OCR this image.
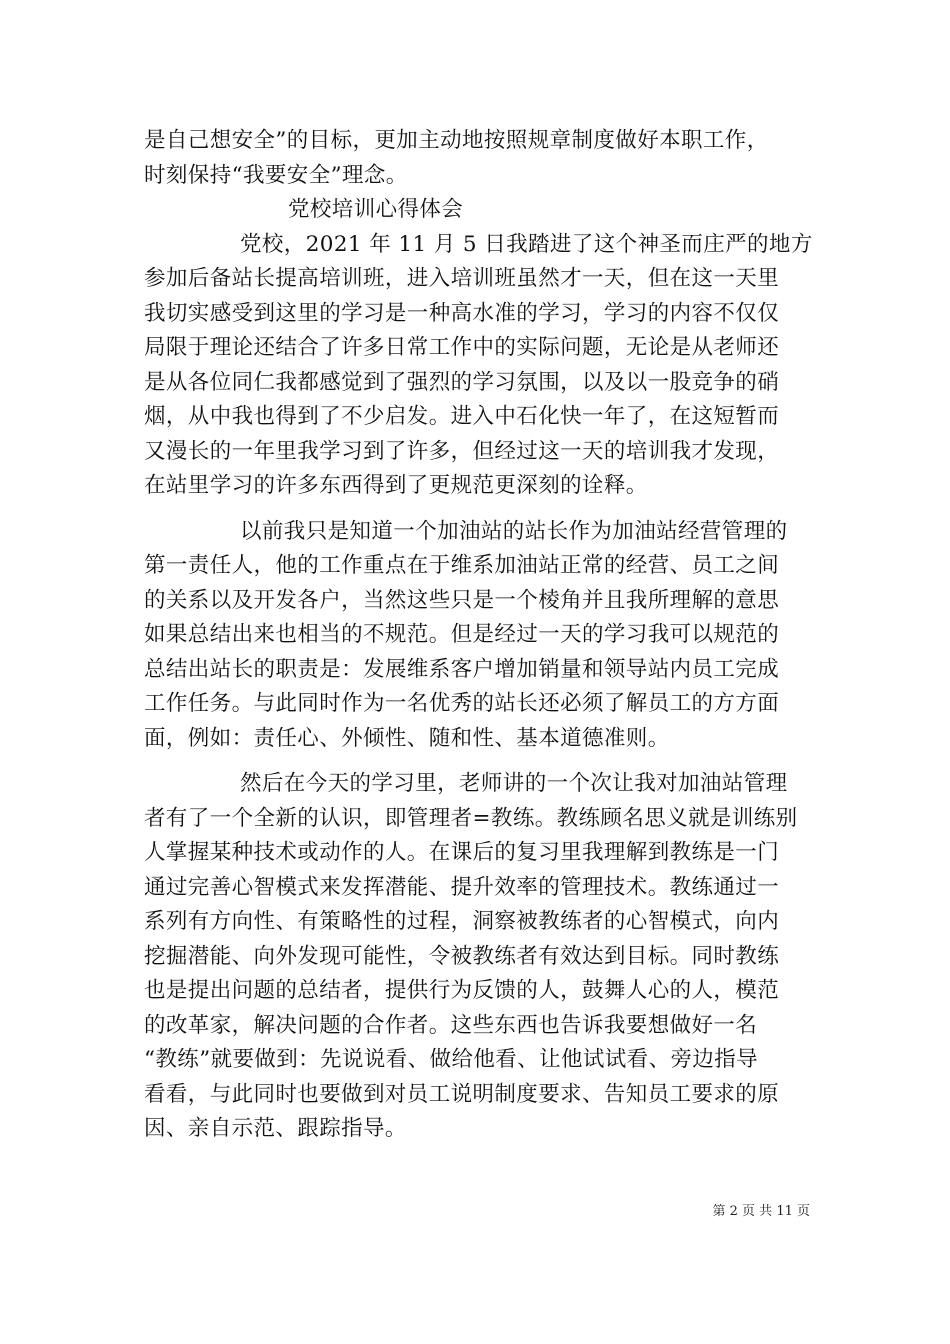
是自己想安全”的目标，更加主动地按照规章制度做好本职工作，
时刻保持“我要安全”理念。
党校培训心得体会
党校，2021 年 11 月 5 日我踏进了这个神圣而庄严的地方
参加后备站长提高培训班，进入培训班虽然才一天，但在这一天里
我切实感受到这里的学习是一种高水准的学习，学习的内容不仅仅
局限于理论还结合了许多日常工作中的实际问题，无论是从老师还
是从各位同仁我都感觉到了强烈的学习氛围，以及以一股竞争的硝
烟，从中我也得到了不少启发。进入中石化快一年了，在这短暂而
又漫长的一年里我学习到了许多，但经过这一天的培训我才发现，
在站里学习的许多东西得到了更规范更深刻的诠释。
以前我只是知道一个加油站的站长作为加油站经营管理的
第一责任人，他的工作重点在于维系加油站正常的经营、员工之间
的关系以及开发各户，当然这些只是一个棱角并且我所理解的意思
如果总结出来也相当的不规范。但是经过一天的学习我可以规范的
总结出站长的职责是：发展维系客户增加销量和领导站内员工完成
工作任务。与此同时作为一名优秀的站长还必须了解员工的方方面
面，例如：责任心、外倾性、随和性、基本道德准则。
然后在今天的学习里，老师讲的一个次让我对加油站管理
者有了一个全新的认识，即管理者=教练。教练顾名思义就是训练别
人掌握某种技术或动作的人。在课后的复习里我理解到教练是一门
通过完善心智模式来发挥潜能、提升效率的管理技术。教练通过一
系列有方向性、有策略性的过程，洞察被教练者的心智模式，向内
挖掘潜能、向外发现可能性，令被教练者有效达到目标。同时教练
也是提出问题的总结者，提供行为反馈的人，鼓舞人心的人，模范
的改革家，解决问题的合作者。这些东西也告诉我要想做好一名
“教练”就要做到：先说说看、做给他看、让他试试看、旁边指导
看看，与此同时也要做到对员工说明制度要求、告知员工要求的原
因、亲自示范、跟踪指导。
第 2 页 共 11 页
